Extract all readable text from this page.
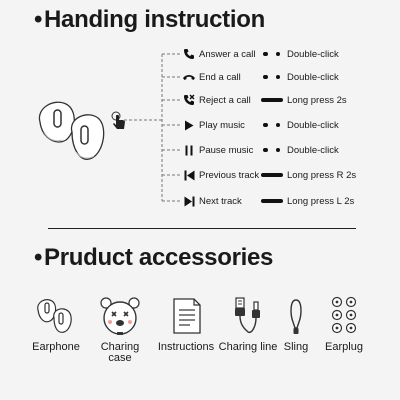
•Handing instruction
Answer a call	Double-click
End a call	Double-click
Reject a call	Long press 2s
Play music	Double-click
Pause music	Double-click
Previous track	Long press R 2s
Next track	Long press L 2s
•Pruduct accessories
Earphone	Charing case
Instructions Charing line Sling	Earplug
